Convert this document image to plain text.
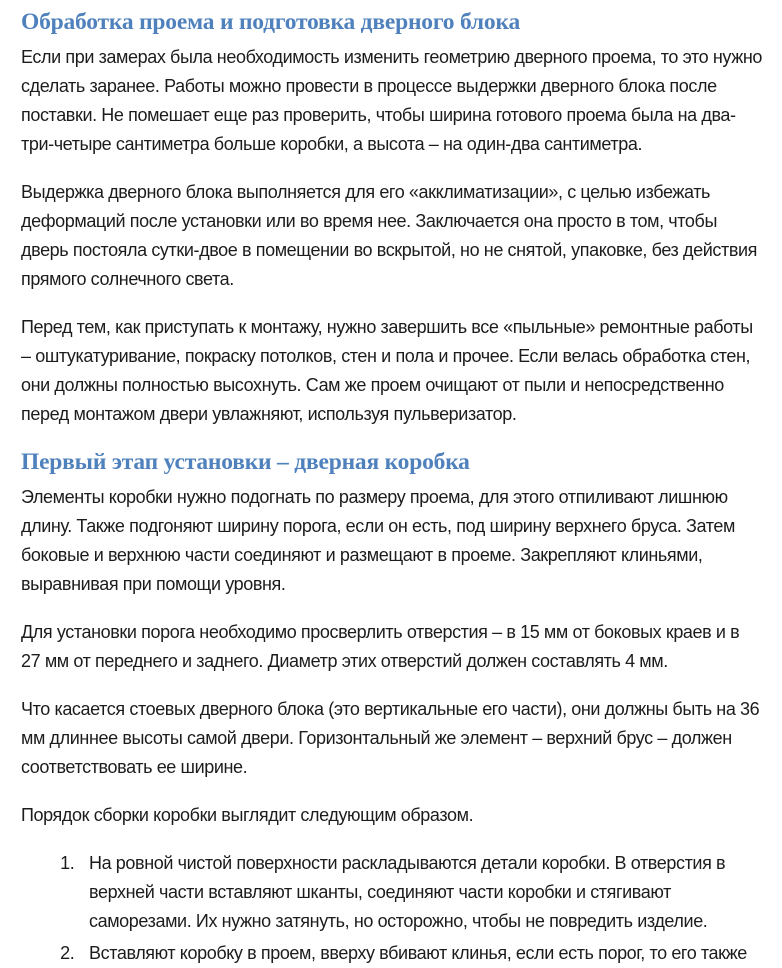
Обработка проема и подготовка дверного блока

Если при замерах была необходимость изменить геометрию дверного проема, то это нужно сделать заранее. Работы можно провести в процессе выдержки дверного блока после поставки. Не помешает еще раз проверить, чтобы ширина готового проема была на два-три-четыре сантиметра больше коробки, а высота – на один-два сантиметра.

Выдержка дверного блока выполняется для его «акклиматизации», с целью избежать деформаций после установки или во время нее. Заключается она просто в том, чтобы дверь постояла сутки-двое в помещении во вскрытой, но не снятой, упаковке, без действия прямого солнечного света.

Перед тем, как приступать к монтажу, нужно завершить все «пыльные» ремонтные работы – оштукатуривание, покраску потолков, стен и пола и прочее. Если велась обработка стен, они должны полностью высохнуть. Сам же проем очищают от пыли и непосредственно перед монтажом двери увлажняют, используя пульверизатор.

Первый этап установки – дверная коробка

Элементы коробки нужно подогнать по размеру проема, для этого отпиливают лишнюю длину. Также подгоняют ширину порога, если он есть, под ширину верхнего бруса. Затем боковые и верхнюю части соединяют и размещают в проеме. Закрепляют клиньями, выравнивая при помощи уровня.

Для установки порога необходимо просверлить отверстия – в 15 мм от боковых краев и в 27 мм от переднего и заднего. Диаметр этих отверстий должен составлять 4 мм.

Что касается стоевых дверного блока (это вертикальные его части), они должны быть на 36 мм длиннее высоты самой двери. Горизонтальный же элемент – верхний брус – должен соответствовать ее ширине.

Порядок сборки коробки выглядит следующим образом.

1. На ровной чистой поверхности раскладываются детали коробки. В отверстия в верхней части вставляют шканты, соединяют части коробки и стягивают саморезами. Их нужно затянуть, но осторожно, чтобы не повредить изделие.
2. Вставляют коробку в проем, вверху вбивают клинья, если есть порог, то его также
